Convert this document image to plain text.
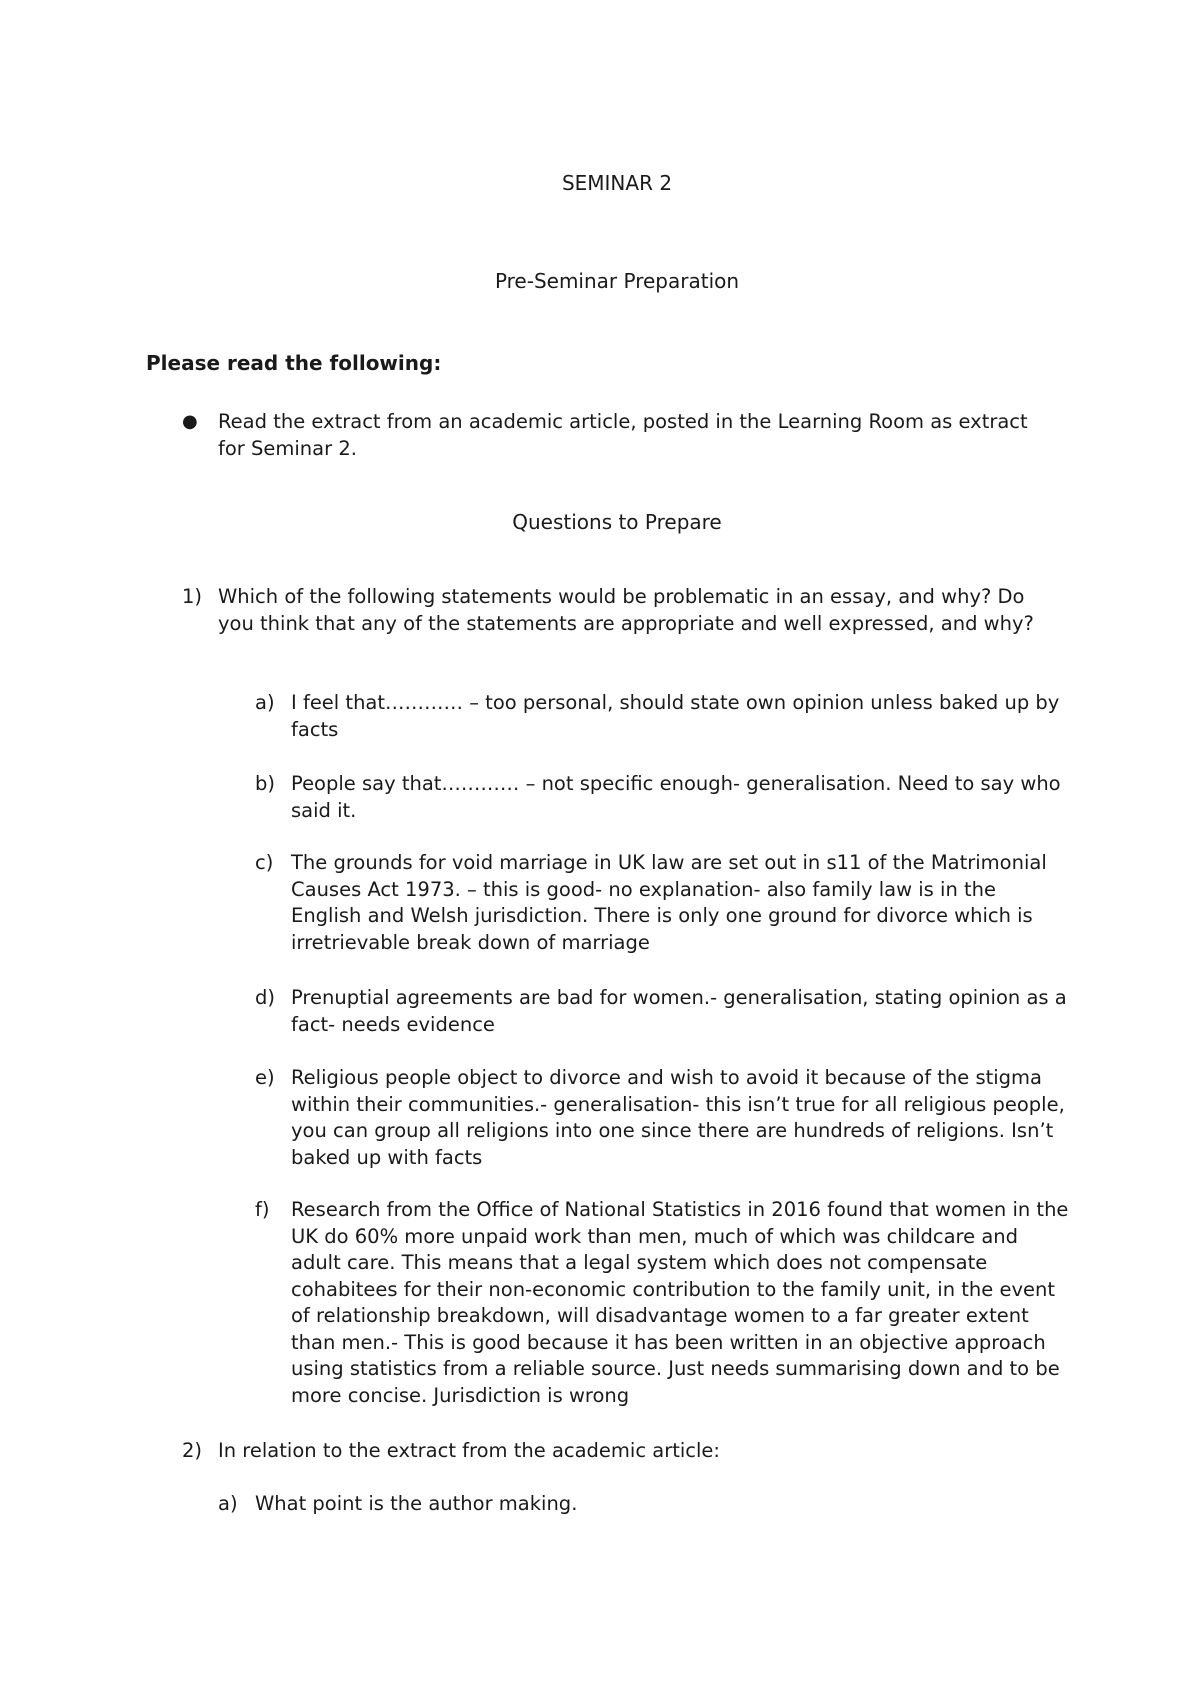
SEMINAR 2
Pre-Seminar Preparation
Please read the following:
● Read the extract from an academic article, posted in the Learning Room as extract for Seminar 2.
Questions to Prepare
1) Which of the following statements would be problematic in an essay, and why? Do you think that any of the statements are appropriate and well expressed, and why?
a) I feel that………… – too personal, should state own opinion unless baked up by facts
b) People say that………… – not specific enough- generalisation. Need to say who said it.
c) The grounds for void marriage in UK law are set out in s11 of the Matrimonial Causes Act 1973. – this is good- no explanation- also family law is in the English and Welsh jurisdiction. There is only one ground for divorce which is irretrievable break down of marriage
d) Prenuptial agreements are bad for women.- generalisation, stating opinion as a fact- needs evidence
e) Religious people object to divorce and wish to avoid it because of the stigma within their communities.- generalisation- this isn’t true for all religious people, you can group all religions into one since there are hundreds of religions. Isn’t baked up with facts
f) Research from the Office of National Statistics in 2016 found that women in the UK do 60% more unpaid work than men, much of which was childcare and adult care. This means that a legal system which does not compensate cohabitees for their non-economic contribution to the family unit, in the event of relationship breakdown, will disadvantage women to a far greater extent than men.- This is good because it has been written in an objective approach using statistics from a reliable source. Just needs summarising down and to be more concise. Jurisdiction is wrong
2) In relation to the extract from the academic article:
a) What point is the author making.
